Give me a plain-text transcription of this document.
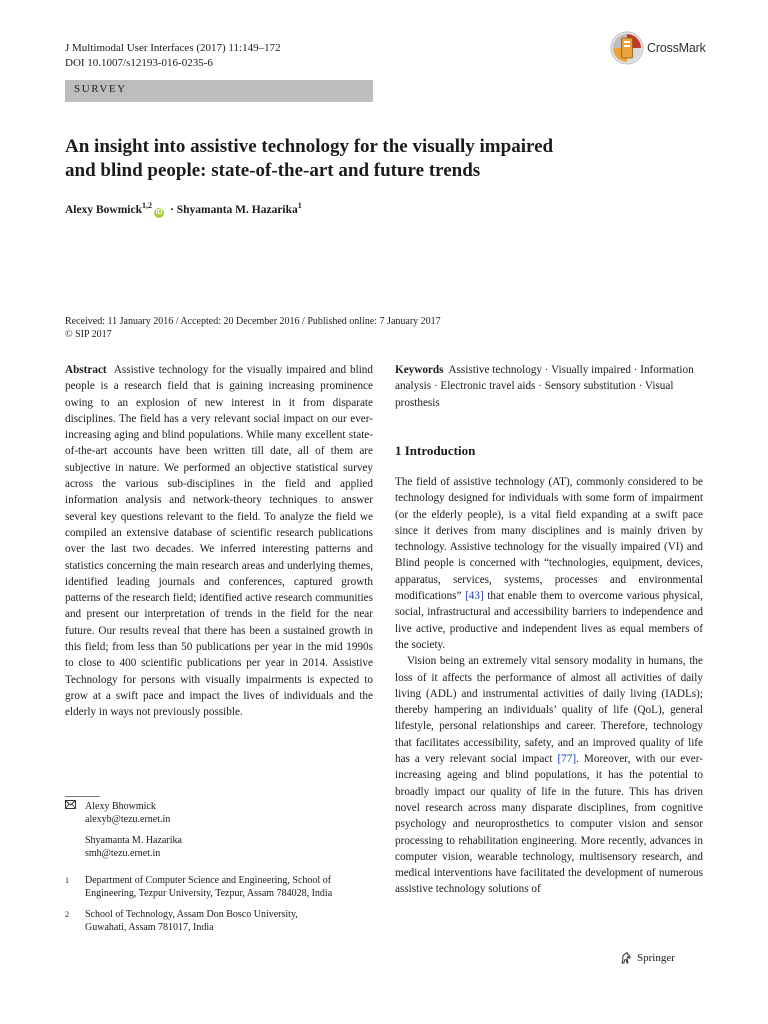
J Multimodal User Interfaces (2017) 11:149–172
DOI 10.1007/s12193-016-0235-6
CrossMark
SURVEY
An insight into assistive technology for the visually impaired
and blind people: state-of-the-art and future trends
Alexy Bowmick$^{1,2}$iD · Shyamanta M. Hazarika$^1$
Received: 11 January 2016 / Accepted: 20 December 2016 / Published online: 7 January 2017
© SIP 2017
Abstract Assistive technology for the visually impaired and blind people is a research field that is gaining increasing prominence owing to an explosion of new interest in it from disparate disciplines. The field has a very relevant social impact on our ever-increasing aging and blind populations. While many excellent state-of-the-art accounts have been written till date, all of them are subjective in nature. We performed an objective statistical survey across the various sub-disciplines in the field and applied information analysis and network-theory techniques to answer several key questions relevant to the field. To analyze the field we compiled an extensive database of scientific research publications over the last two decades. We inferred interesting patterns and statistics concerning the main research areas and underlying themes, identified leading journals and conferences, captured growth patterns of the research field; identified active research communities and present our interpretation of trends in the field for the near future. Our results reveal that there has been a sustained growth in this field; from less than 50 publications per year in the mid 1990s to close to 400 scientific publications per year in 2014. Assistive Technology for persons with visually impairments is expected to grow at a swift pace and impact the lives of individuals and the elderly in ways not previously possible.
Keywords Assistive technology · Visually impaired · Information analysis · Electronic travel aids · Sensory substitution · Visual prosthesis
1 Introduction

The field of assistive technology (AT), commonly considered to be technology designed for individuals with some form of impairment (or the elderly people), is a vital field expanding at a swift pace since it derives from many disciplines and is mainly driven by technology. Assistive technology for the visually impaired (VI) and Blind people is concerned with “technologies, equipment, devices, apparatus, services, systems, processes and environmental modifications” [43] that enable them to overcome various physical, social, infrastructural and accessibility barriers to independence and live active, productive and independent lives as equal members of the society.

Vision being an extremely vital sensory modality in humans, the loss of it affects the performance of almost all activities of daily living (ADL) and instrumental activities of daily living (IADLs); thereby hampering an individuals’ quality of life (QoL), general lifestyle, personal relationships and career. Therefore, technology that facilitates accessibility, safety, and an improved quality of life has a very relevant social impact [77]. Moreover, with our ever-increasing ageing and blind populations, it has the potential to broadly impact our quality of life in the future. This has driven novel research across many disparate disciplines, from cognitive psychology and neuroprosthetics to computer vision and sensor processing to rehabilitation engineering. More recently, advances in computer vision, wearable technology, multisensory research, and medical interventions have facilitated the development of numerous assistive technology solutions of

Alexy Bhowmick
alexyb@tezu.ernet.in
Shyamanta M. Hazarika
smh@tezu.ernet.in
1	Department of Computer Science and Engineering, School of
Engineering, Tezpur University, Tezpur, Assam 784028, India
2	School of Technology, Assam Don Bosco University,
Guwahati, Assam 781017, India
Springer
